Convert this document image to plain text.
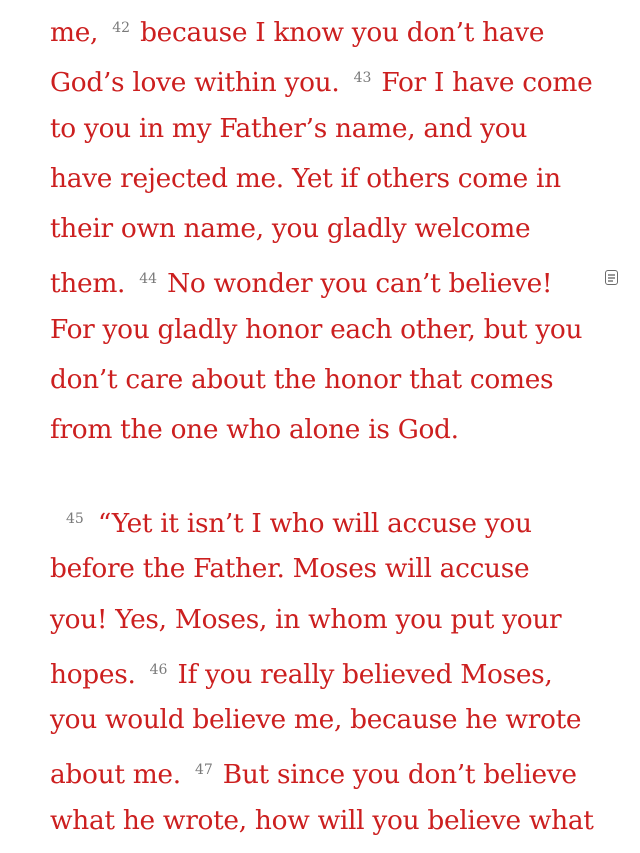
me, $^{42}$ because I know you don’t have
God’s love within you. $^{43}$ For I have come
to you in my Father’s name, and you
have rejected me. Yet if others come in
their own name, you gladly welcome
them. $^{44}$ No wonder you can’t believe!
For you gladly honor each other, but you
don’t care about the honor that comes
from the one who alone is God.
$^{45}$ “Yet it isn’t I who will accuse you
before the Father. Moses will accuse
you! Yes, Moses, in whom you put your
hopes. $^{46}$ If you really believed Moses,
you would believe me, because he wrote
about me. $^{47}$ But since you don’t believe
what he wrote, how will you believe what
